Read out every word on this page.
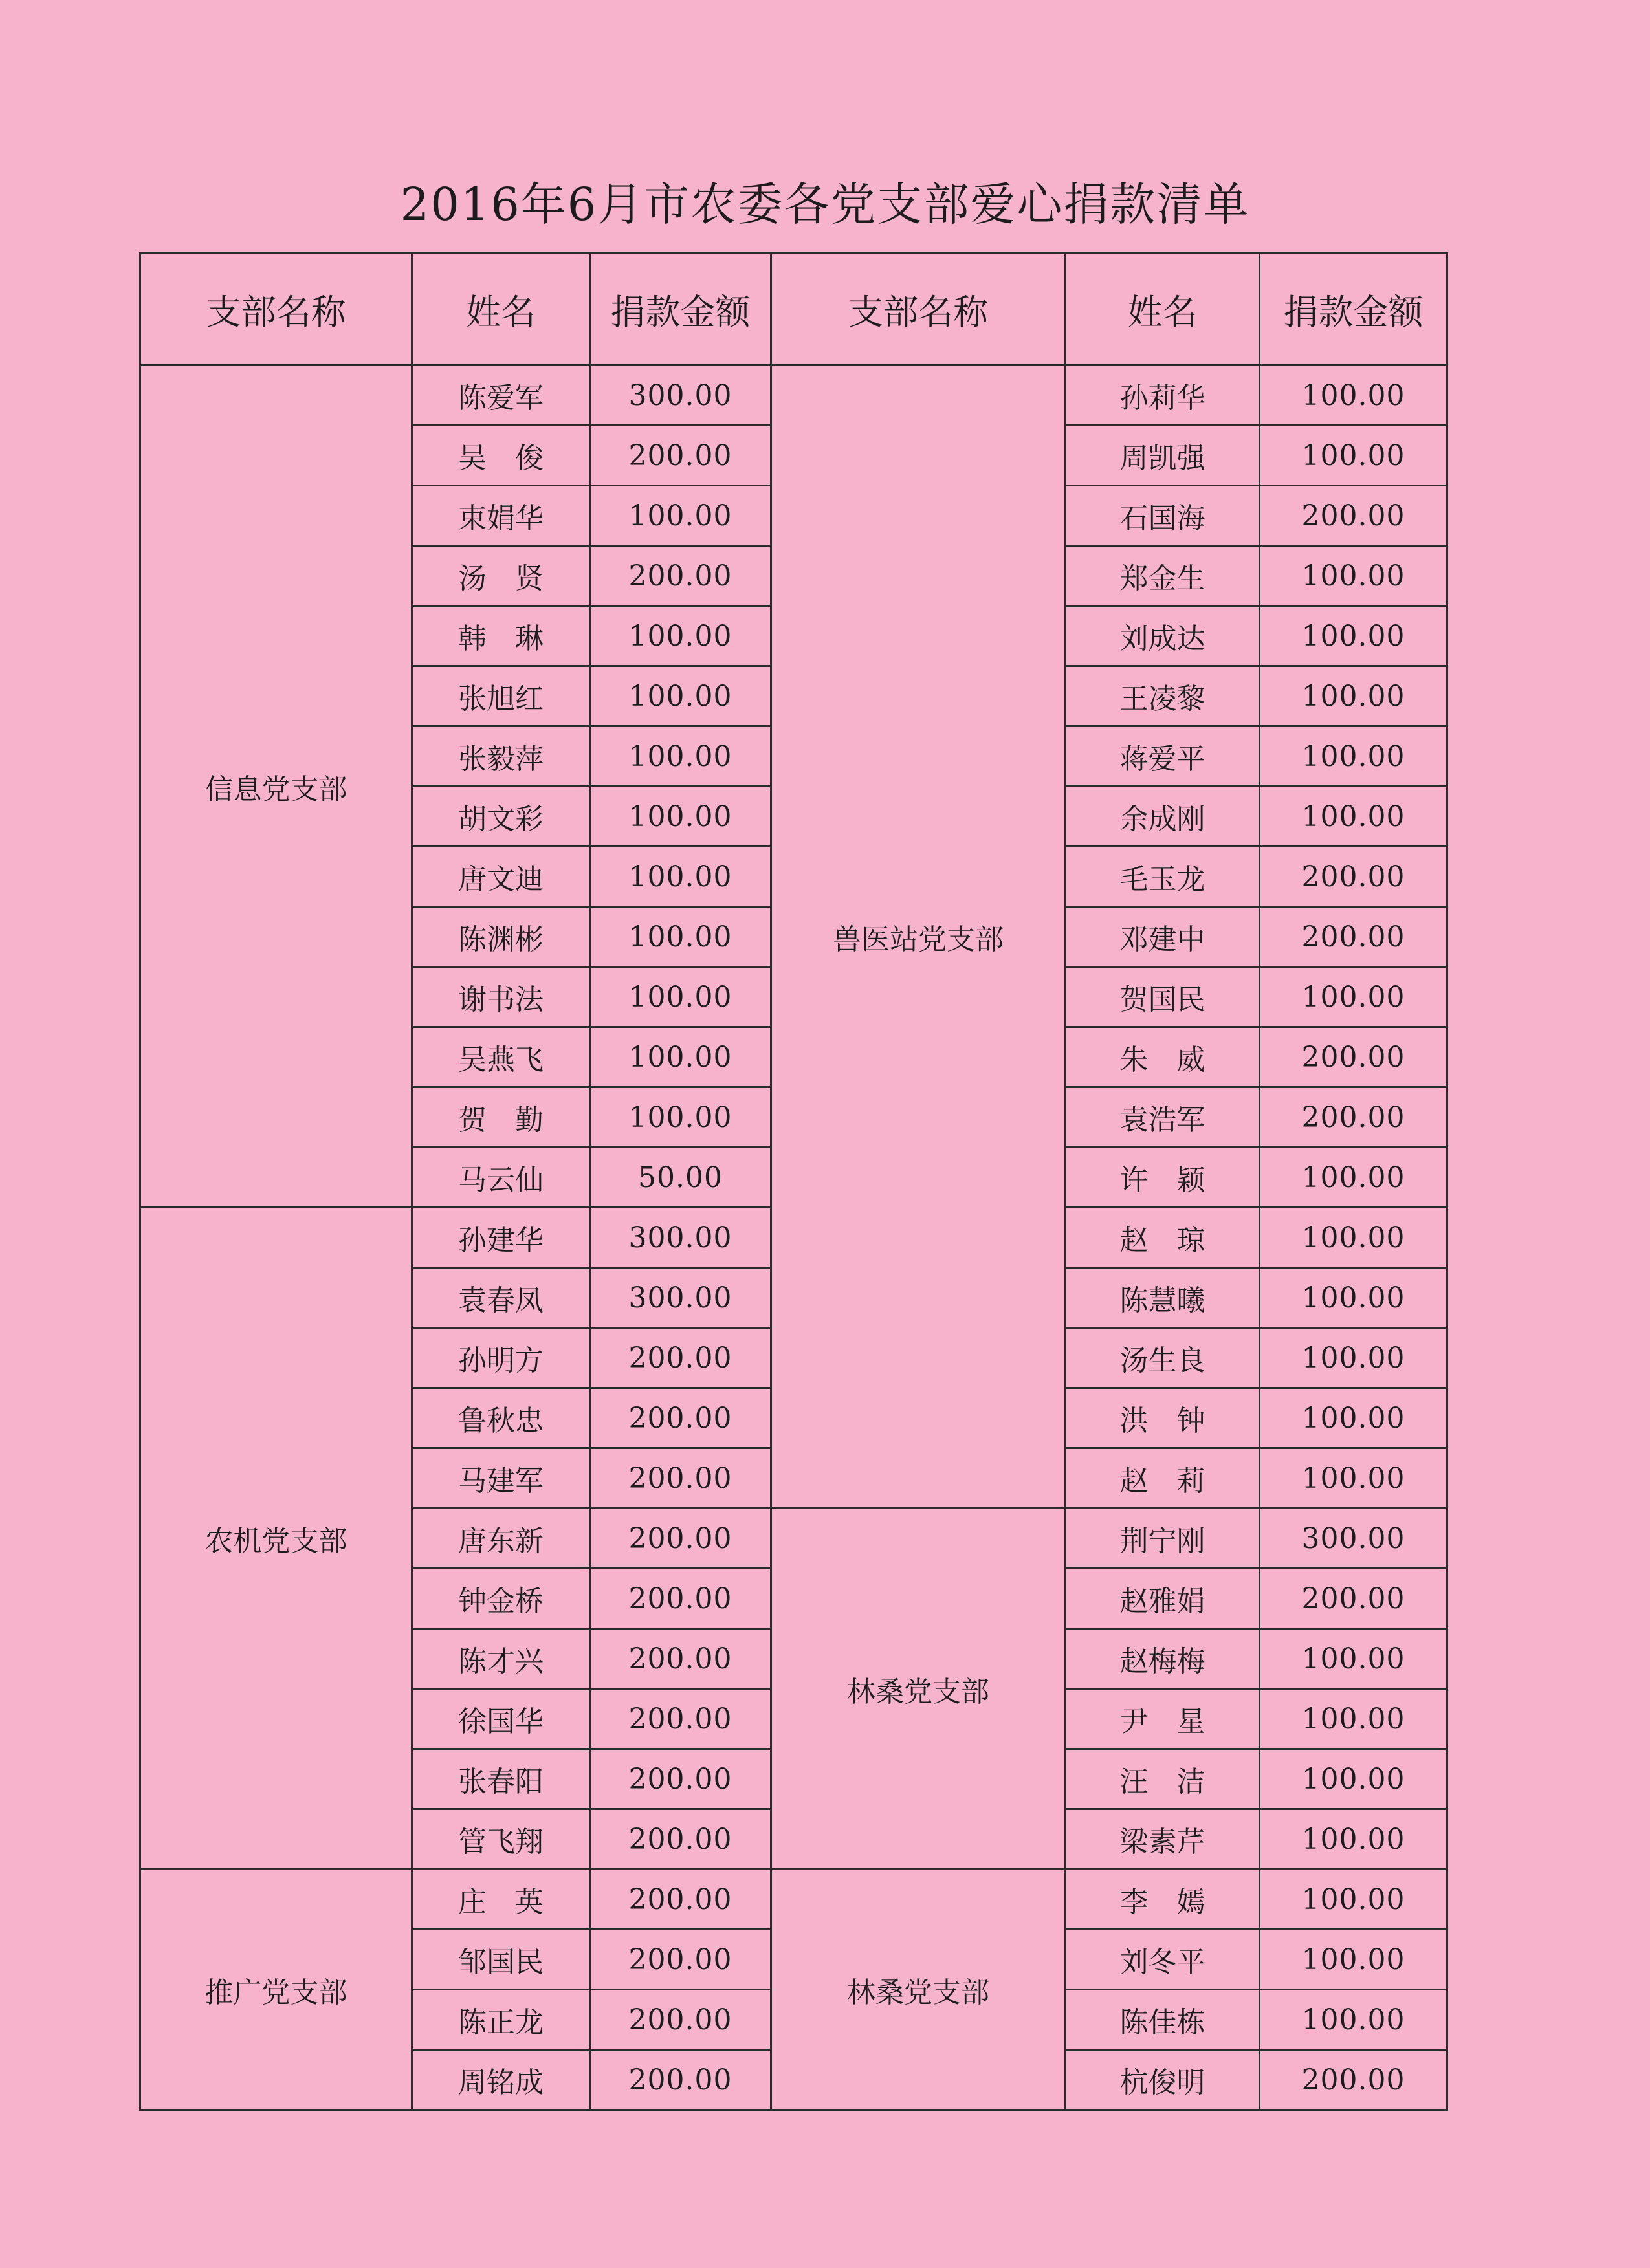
2016年6月市农委各党支部爱心捐款清单
支部名称	姓名	捐款金额	支部名称	姓名	捐款金额
信息党支部	陈爱军	300.00	兽医站党支部	孙莉华	100.00
	吴　俊	200.00		周凯强	100.00
	束娟华	100.00		石国海	200.00
	汤　贤	200.00		郑金生	100.00
	韩　琳	100.00		刘成达	100.00
	张旭红	100.00		王凌黎	100.00
	张毅萍	100.00		蒋爱平	100.00
	胡文彩	100.00		余成刚	100.00
	唐文迪	100.00		毛玉龙	200.00
	陈渊彬	100.00		邓建中	200.00
	谢书法	100.00		贺国民	100.00
	吴燕飞	100.00		朱　威	200.00
	贺　勤	100.00		袁浩军	200.00
	马云仙	50.00		许　颖	100.00
农机党支部	孙建华	300.00		赵　琼	100.00
	袁春凤	300.00		陈慧曦	100.00
	孙明方	200.00		汤生良	100.00
	鲁秋忠	200.00		洪　钟	100.00
	马建军	200.00		赵　莉	100.00
	唐东新	200.00	林桑党支部	荆宁刚	300.00
	钟金桥	200.00		赵雅娟	200.00
	陈才兴	200.00		赵梅梅	100.00
	徐国华	200.00		尹　星	100.00
	张春阳	200.00		汪　洁	100.00
	管飞翔	200.00		梁素芹	100.00
推广党支部	庄　英	200.00	林桑党支部	李　嫣	100.00
	邹国民	200.00		刘冬平	100.00
	陈正龙	200.00		陈佳栋	100.00
	周铭成	200.00		杭俊明	200.00
